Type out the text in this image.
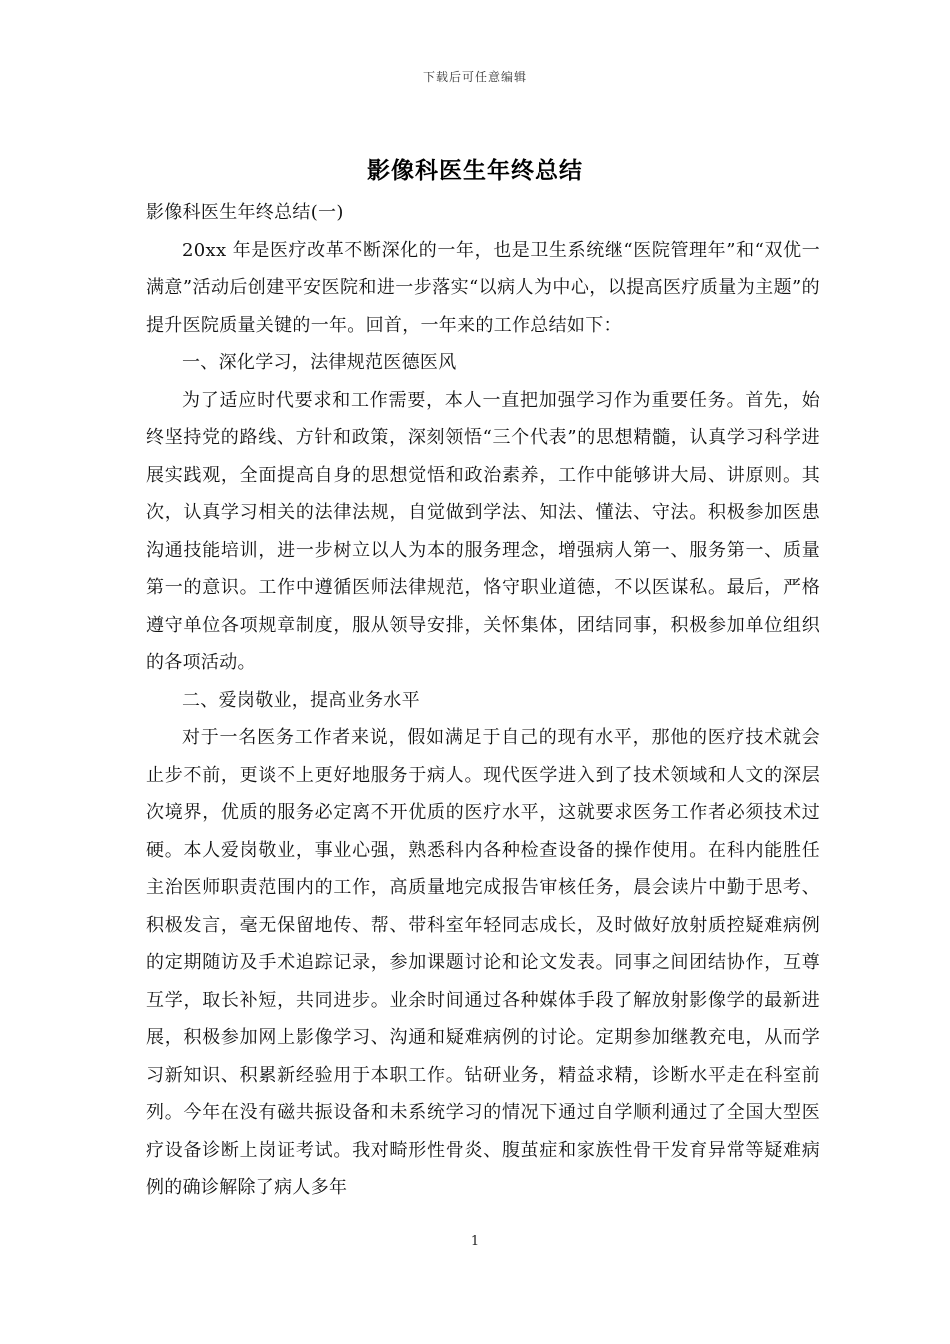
下载后可任意编辑
影像科医生年终总结

影像科医生年终总结(一)

20xx 年是医疗改革不断深化的一年，也是卫生系统继“医院管理年”和“双优一满意”活动后创建平安医院和进一步落实“以病人为中心，以提高医疗质量为主题”的提升医院质量关键的一年。回首，一年来的工作总结如下：

一、深化学习，法律规范医德医风

为了适应时代要求和工作需要，本人一直把加强学习作为重要任务。首先，始终坚持党的路线、方针和政策，深刻领悟“三个代表”的思想精髓，认真学习科学进展实践观，全面提高自身的思想觉悟和政治素养，工作中能够讲大局、讲原则。其次，认真学习相关的法律法规，自觉做到学法、知法、懂法、守法。积极参加医患沟通技能培训，进一步树立以人为本的服务理念，增强病人第一、服务第一、质量第一的意识。工作中遵循医师法律规范，恪守职业道德，不以医谋私。最后，严格遵守单位各项规章制度，服从领导安排，关怀集体，团结同事，积极参加单位组织的各项活动。

二、爱岗敬业，提高业务水平

对于一名医务工作者来说，假如满足于自己的现有水平，那他的医疗技术就会止步不前，更谈不上更好地服务于病人。现代医学进入到了技术领域和人文的深层次境界，优质的服务必定离不开优质的医疗水平，这就要求医务工作者必须技术过硬。本人爱岗敬业，事业心强，熟悉科内各种检查设备的操作使用。在科内能胜任主治医师职责范围内的工作，高质量地完成报告审核任务，晨会读片中勤于思考、积极发言，毫无保留地传、帮、带科室年轻同志成长，及时做好放射质控疑难病例的定期随访及手术追踪记录，参加课题讨论和论文发表。同事之间团结协作，互尊互学，取长补短，共同进步。业余时间通过各种媒体手段了解放射影像学的最新进展，积极参加网上影像学习、沟通和疑难病例的讨论。定期参加继教充电，从而学习新知识、积累新经验用于本职工作。钻研业务，精益求精，诊断水平走在科室前列。今年在没有磁共振设备和未系统学习的情况下通过自学顺利通过了全国大型医疗设备诊断上岗证考试。我对畸形性骨炎、腹茧症和家族性骨干发育异常等疑难病例的确诊解除了病人多年

1
